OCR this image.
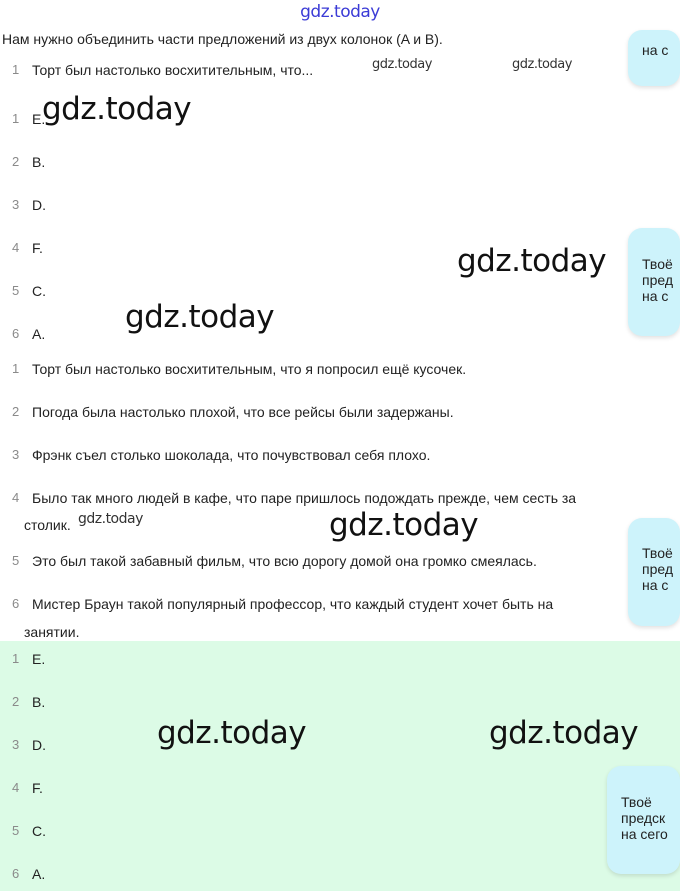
gdz.today
Нам нужно объединить части предложений из двух колонок (A и B).
1 Торт был настолько восхитительным, что...
1 E.
2 B.
3 D.
4 F.
5 C.
6 A.
1 Торт был настолько восхитительным, что я попросил ещё кусочек.
2 Погода была настолько плохой, что все рейсы были задержаны.
3 Фрэнк съел столько шоколада, что почувствовал себя плохо.
4 Было так много людей в кафе, что паре пришлось подождать прежде, чем сесть за
столик.
5 Это был такой забавный фильм, что всю дорогу домой она громко смеялась.
6 Мистер Браун такой популярный профессор, что каждый студент хочет быть на
занятии.
1 E.
2 B.
3 D.
4 F.
5 C.
6 A.
на с
Твоё
пред
на с
Твоё
пред
на с
Твоё
предск
на сего
gdz.today	gdz.today
gdz.today
gdz.today
gdz.today
gdz.today	gdz.today
gdz.today	gdz.today
